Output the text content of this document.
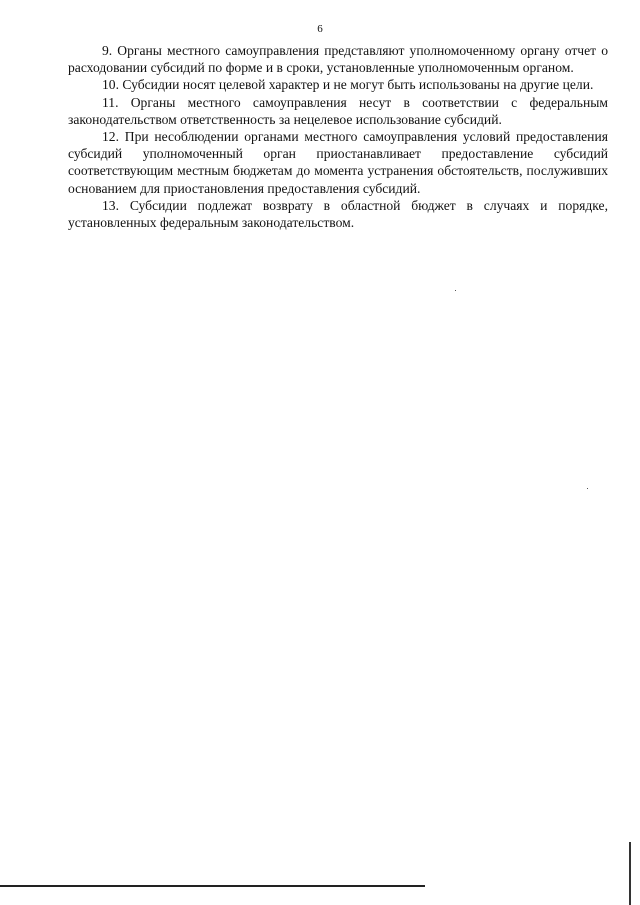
6

9. Органы местного самоуправления представляют уполномоченному органу отчет о расходовании субсидий по форме и в сроки, установленные уполномоченным органом.

10. Субсидии носят целевой характер и не могут быть использованы на другие цели.

11. Органы местного самоуправления несут в соответствии с федеральным законодательством ответственность за нецелевое использование субсидий.

12. При несоблюдении органами местного самоуправления условий предоставления субсидий уполномоченный орган приостанавливает предоставление субсидий соответствующим местным бюджетам до момента устранения обстоятельств, послуживших основанием для приостановления предоставления субсидий.

13. Субсидии подлежат возврату в областной бюджет в случаях и порядке, установленных федеральным законодательством.
